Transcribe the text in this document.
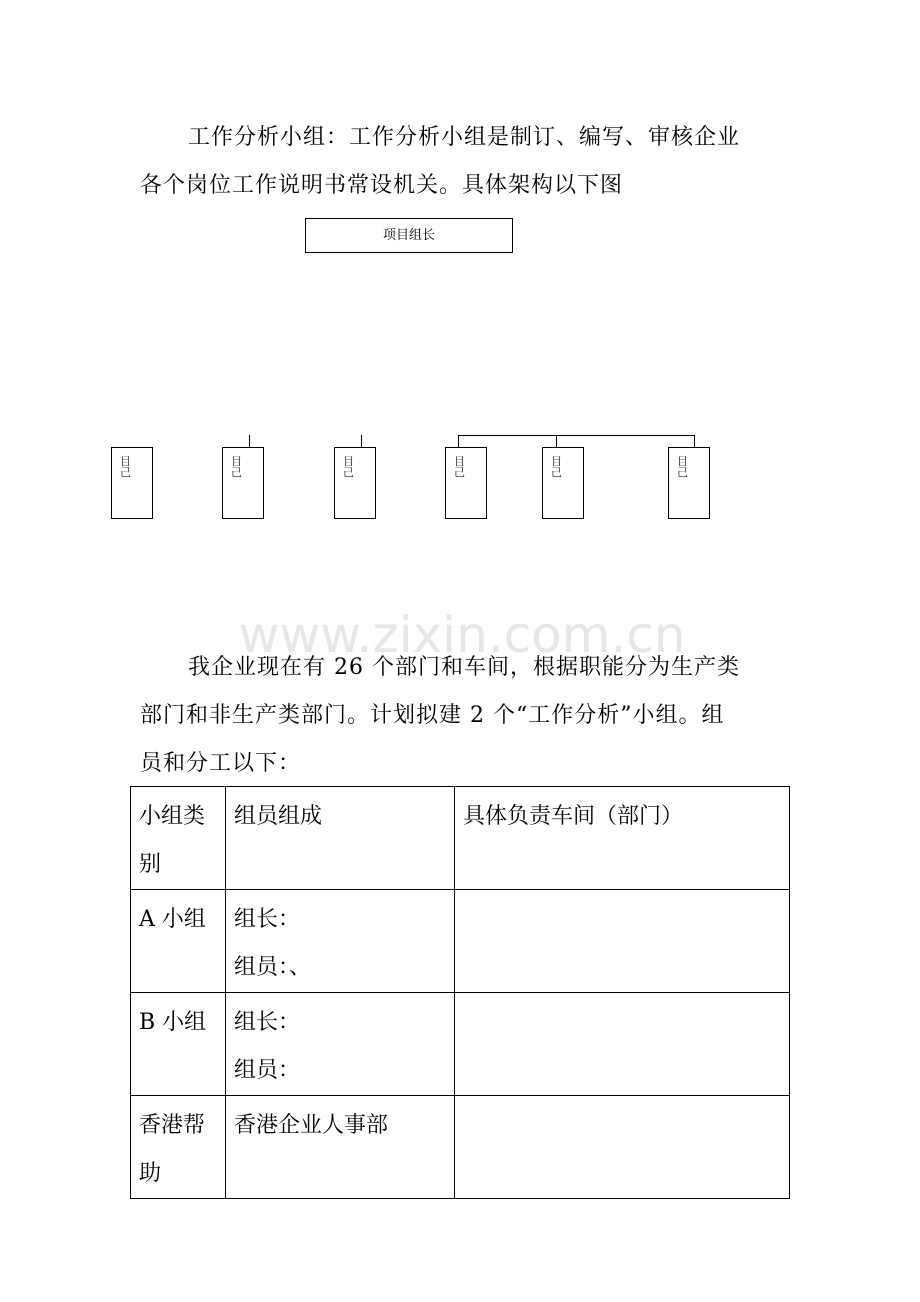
工作分析小组：工作分析小组是制订、编写、审核企业
各个岗位工作说明书常设机关。具体架构以下图

项目组长
目 己
目 己
目 己
目 己
目 己
目 己
www.zixin.com.cn

我企业现在有 26 个部门和车间，根据职能分为生产类
部门和非生产类部门。计划拟建 2 个“工作分析”小组。组
员和分工以下：

小组类别	组员组成	具体负责车间（部门）
A 小组	组长：
组员：、	

B 小组	组长：
组员：	

香港帮助	香港企业人事部	
